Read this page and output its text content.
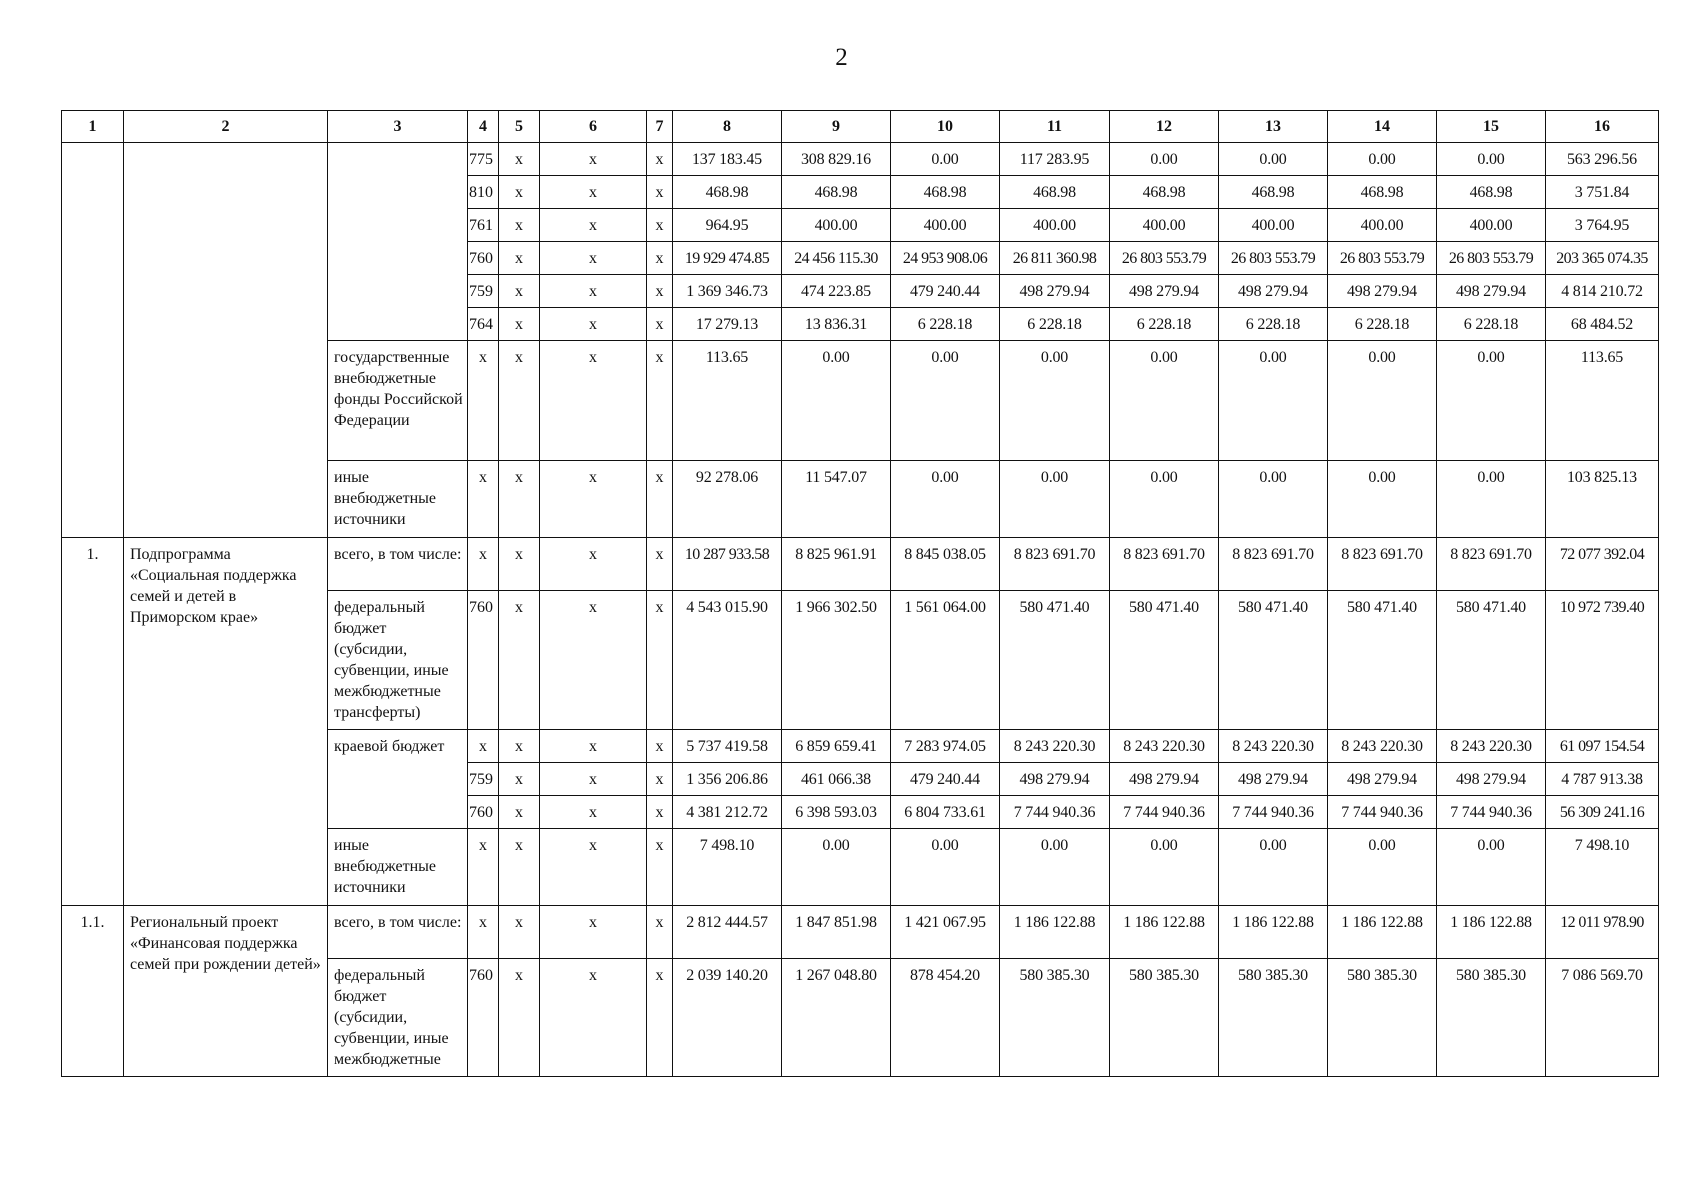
2
1	2	3	4	5	6	7	8	9	10	11	12	13	14	15	16
			775	х	х	х	137 183.45	308 829.16	0.00	117 283.95	0.00	0.00	0.00	0.00	563 296.56
			810	х	х	х	468.98	468.98	468.98	468.98	468.98	468.98	468.98	468.98	3 751.84
			761	х	х	х	964.95	400.00	400.00	400.00	400.00	400.00	400.00	400.00	3 764.95
			760	х	х	х	19 929 474.85	24 456 115.30	24 953 908.06	26 811 360.98	26 803 553.79	26 803 553.79	26 803 553.79	26 803 553.79	203 365 074.35
			759	х	х	х	1 369 346.73	474 223.85	479 240.44	498 279.94	498 279.94	498 279.94	498 279.94	498 279.94	4 814 210.72
			764	х	х	х	17 279.13	13 836.31	6 228.18	6 228.18	6 228.18	6 228.18	6 228.18	6 228.18	68 484.52
		государственные внебюджетные фонды Российской Федерации	х	х	х	х	113.65	0.00	0.00	0.00	0.00	0.00	0.00	0.00	113.65
		иные внебюджетные источники	х	х	х	х	92 278.06	11 547.07	0.00	0.00	0.00	0.00	0.00	0.00	103 825.13
1.	Подпрограмма «Социальная поддержка семей и детей в Приморском крае»	всего, в том числе:	х	х	х	х	10 287 933.58	8 825 961.91	8 845 038.05	8 823 691.70	8 823 691.70	8 823 691.70	8 823 691.70	8 823 691.70	72 077 392.04
		федеральный бюджет (субсидии, субвенции, иные межбюджетные трансферты)	760	х	х	х	4 543 015.90	1 966 302.50	1 561 064.00	580 471.40	580 471.40	580 471.40	580 471.40	580 471.40	10 972 739.40
		краевой бюджет	х	х	х	х	5 737 419.58	6 859 659.41	7 283 974.05	8 243 220.30	8 243 220.30	8 243 220.30	8 243 220.30	8 243 220.30	61 097 154.54
			759	х	х	х	1 356 206.86	461 066.38	479 240.44	498 279.94	498 279.94	498 279.94	498 279.94	498 279.94	4 787 913.38
			760	х	х	х	4 381 212.72	6 398 593.03	6 804 733.61	7 744 940.36	7 744 940.36	7 744 940.36	7 744 940.36	7 744 940.36	56 309 241.16
		иные внебюджетные источники	х	х	х	х	7 498.10	0.00	0.00	0.00	0.00	0.00	0.00	0.00	7 498.10
1.1.	Региональный проект «Финансовая поддержка семей при рождении детей»	всего, в том числе:	х	х	х	х	2 812 444.57	1 847 851.98	1 421 067.95	1 186 122.88	1 186 122.88	1 186 122.88	1 186 122.88	1 186 122.88	12 011 978.90
		федеральный бюджет (субсидии, субвенции, иные межбюджетные	760	х	х	х	2 039 140.20	1 267 048.80	878 454.20	580 385.30	580 385.30	580 385.30	580 385.30	580 385.30	7 086 569.70
